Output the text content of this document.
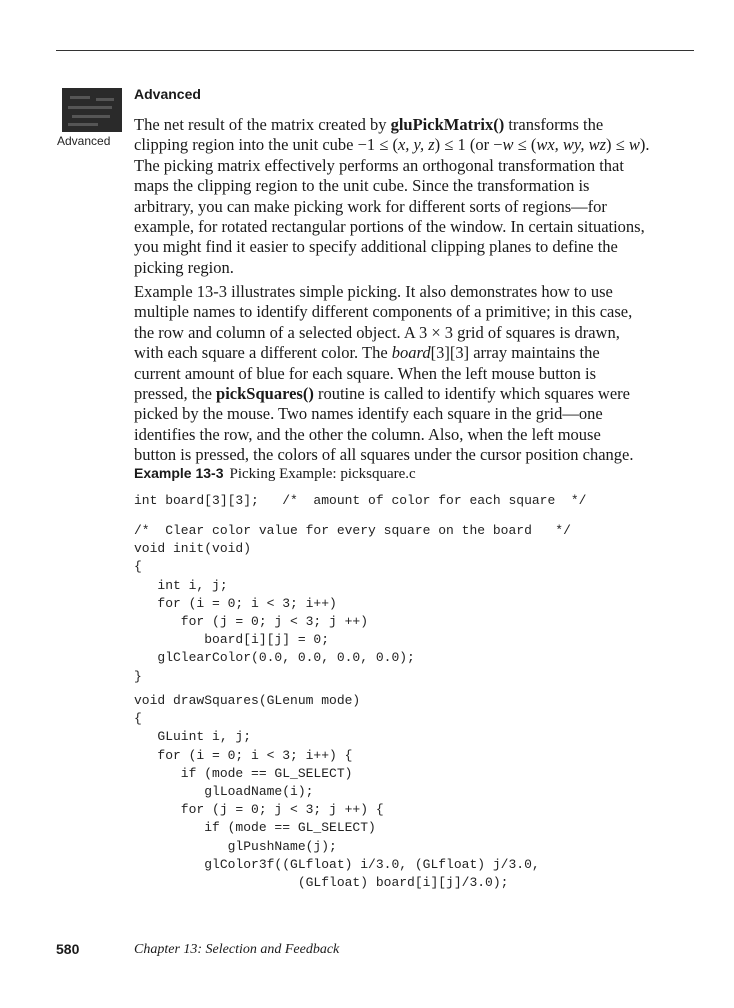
Advanced
Advanced
The net result of the matrix created by gluPickMatrix() transforms the
clipping region into the unit cube −1 ≤ (x, y, z) ≤ 1 (or −w ≤ (wx, wy, wz) ≤ w).
The picking matrix effectively performs an orthogonal transformation that
maps the clipping region to the unit cube. Since the transformation is
arbitrary, you can make picking work for different sorts of regions—for
example, for rotated rectangular portions of the window. In certain situations,
you might find it easier to specify additional clipping planes to define the
picking region.
Example 13-3 illustrates simple picking. It also demonstrates how to use
multiple names to identify different components of a primitive; in this case,
the row and column of a selected object. A 3 × 3 grid of squares is drawn,
with each square a different color. The board[3][3] array maintains the
current amount of blue for each square. When the left mouse button is
pressed, the pickSquares() routine is called to identify which squares were
picked by the mouse. Two names identify each square in the grid—one
identifies the row, and the other the column. Also, when the left mouse
button is pressed, the colors of all squares under the cursor position change.
Example 13-3 Picking Example: picksquare.c
int board[3][3];   /*  amount of color for each square  */
/*  Clear color value for every square on the board   */
void init(void)
{
int i, j;
for (i = 0; i < 3; i++)
for (j = 0; j < 3; j ++)
board[i][j] = 0;
glClearColor(0.0, 0.0, 0.0, 0.0);
}
void drawSquares(GLenum mode)
{
GLuint i, j;
for (i = 0; i < 3; i++) {
if (mode == GL_SELECT)
glLoadName(i);
for (j = 0; j < 3; j ++) {
if (mode == GL_SELECT)
glPushName(j);
glColor3f((GLfloat) i/3.0, (GLfloat) j/3.0,
(GLfloat) board[i][j]/3.0);
580	Chapter 13: Selection and Feedback
